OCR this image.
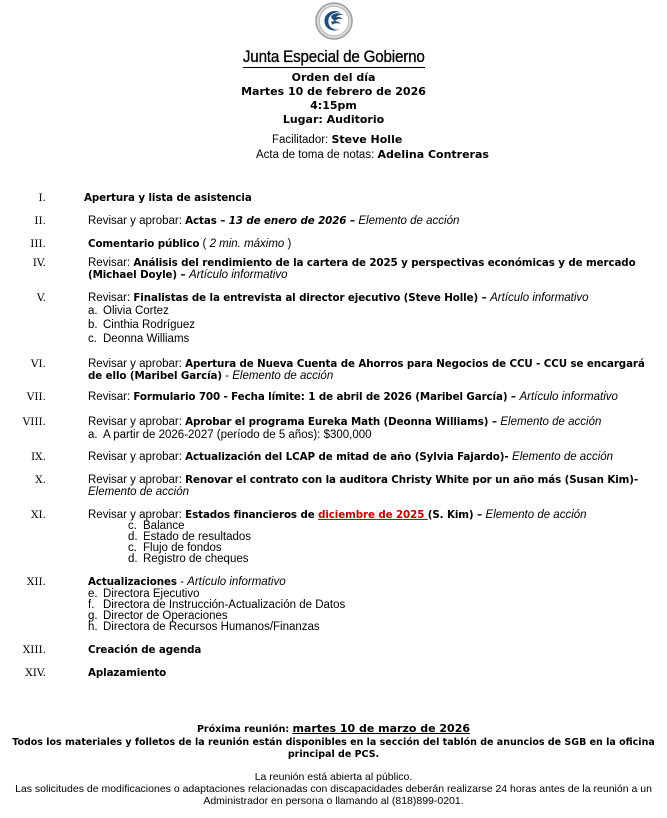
Junta Especial de Gobierno
Orden del día
Martes 10 de febrero de 2026
4:15pm
Lugar: Auditorio
Facilitador: Steve Holle
Acta de toma de notas: Adelina Contreras
I.	Apertura y lista de asistencia
II.	Revisar y aprobar: Actas – 13 de enero de 2026 – Elemento de acción
III.	Comentario público ( 2 min. máximo )
IV.	Revisar: Análisis del rendimiento de la cartera de 2025 y perspectivas económicas y de mercado
(Michael Doyle) – Artículo informativo
V.	Revisar: Finalistas de la entrevista al director ejecutivo (Steve Holle) – Artículo informativo
a. Olivia Cortez
b. Cinthia Rodríguez
c. Deonna Williams
VI.	Revisar y aprobar: Apertura de Nueva Cuenta de Ahorros para Negocios de CCU - CCU se encargará
de ello (Maribel García) - Elemento de acción
VII.	Revisar: Formulario 700 - Fecha límite: 1 de abril de 2026 (Maribel García) – Artículo informativo
VIII.	Revisar y aprobar: Aprobar el programa Eureka Math (Deonna Williams) – Elemento de acción
a. A partir de 2026-2027 (período de 5 años): $300,000
IX.	Revisar y aprobar: Actualización del LCAP de mitad de año (Sylvia Fajardo)- Elemento de acción
X.	Revisar y aprobar: Renovar el contrato con la auditora Christy White por un año más (Susan Kim)-
Elemento de acción
XI.	Revisar y aprobar: Estados financieros de diciembre de 2025 (S. Kim) – Elemento de acción
c. Balance
d. Estado de resultados
c. Flujo de fondos
d. Registro de cheques
XII.	Actualizaciones - Artículo informativo
e. Directora Ejecutivo
f. Directora de Instrucción-Actualización de Datos
g. Director de Operaciones
h. Directora de Recursos Humanos/Finanzas
XIII.	Creación de agenda
XIV.	Aplazamiento
Próxima reunión: martes 10 de marzo de 2026
Todos los materiales y folletos de la reunión están disponibles en la sección del tablón de anuncios de SGB en la oficina
principal de PCS.
La reunión está abierta al público.
Las solicitudes de modificaciones o adaptaciones relacionadas con discapacidades deberán realizarse 24 horas antes de la reunión a un
Administrador en persona o llamando al (818)899-0201.
